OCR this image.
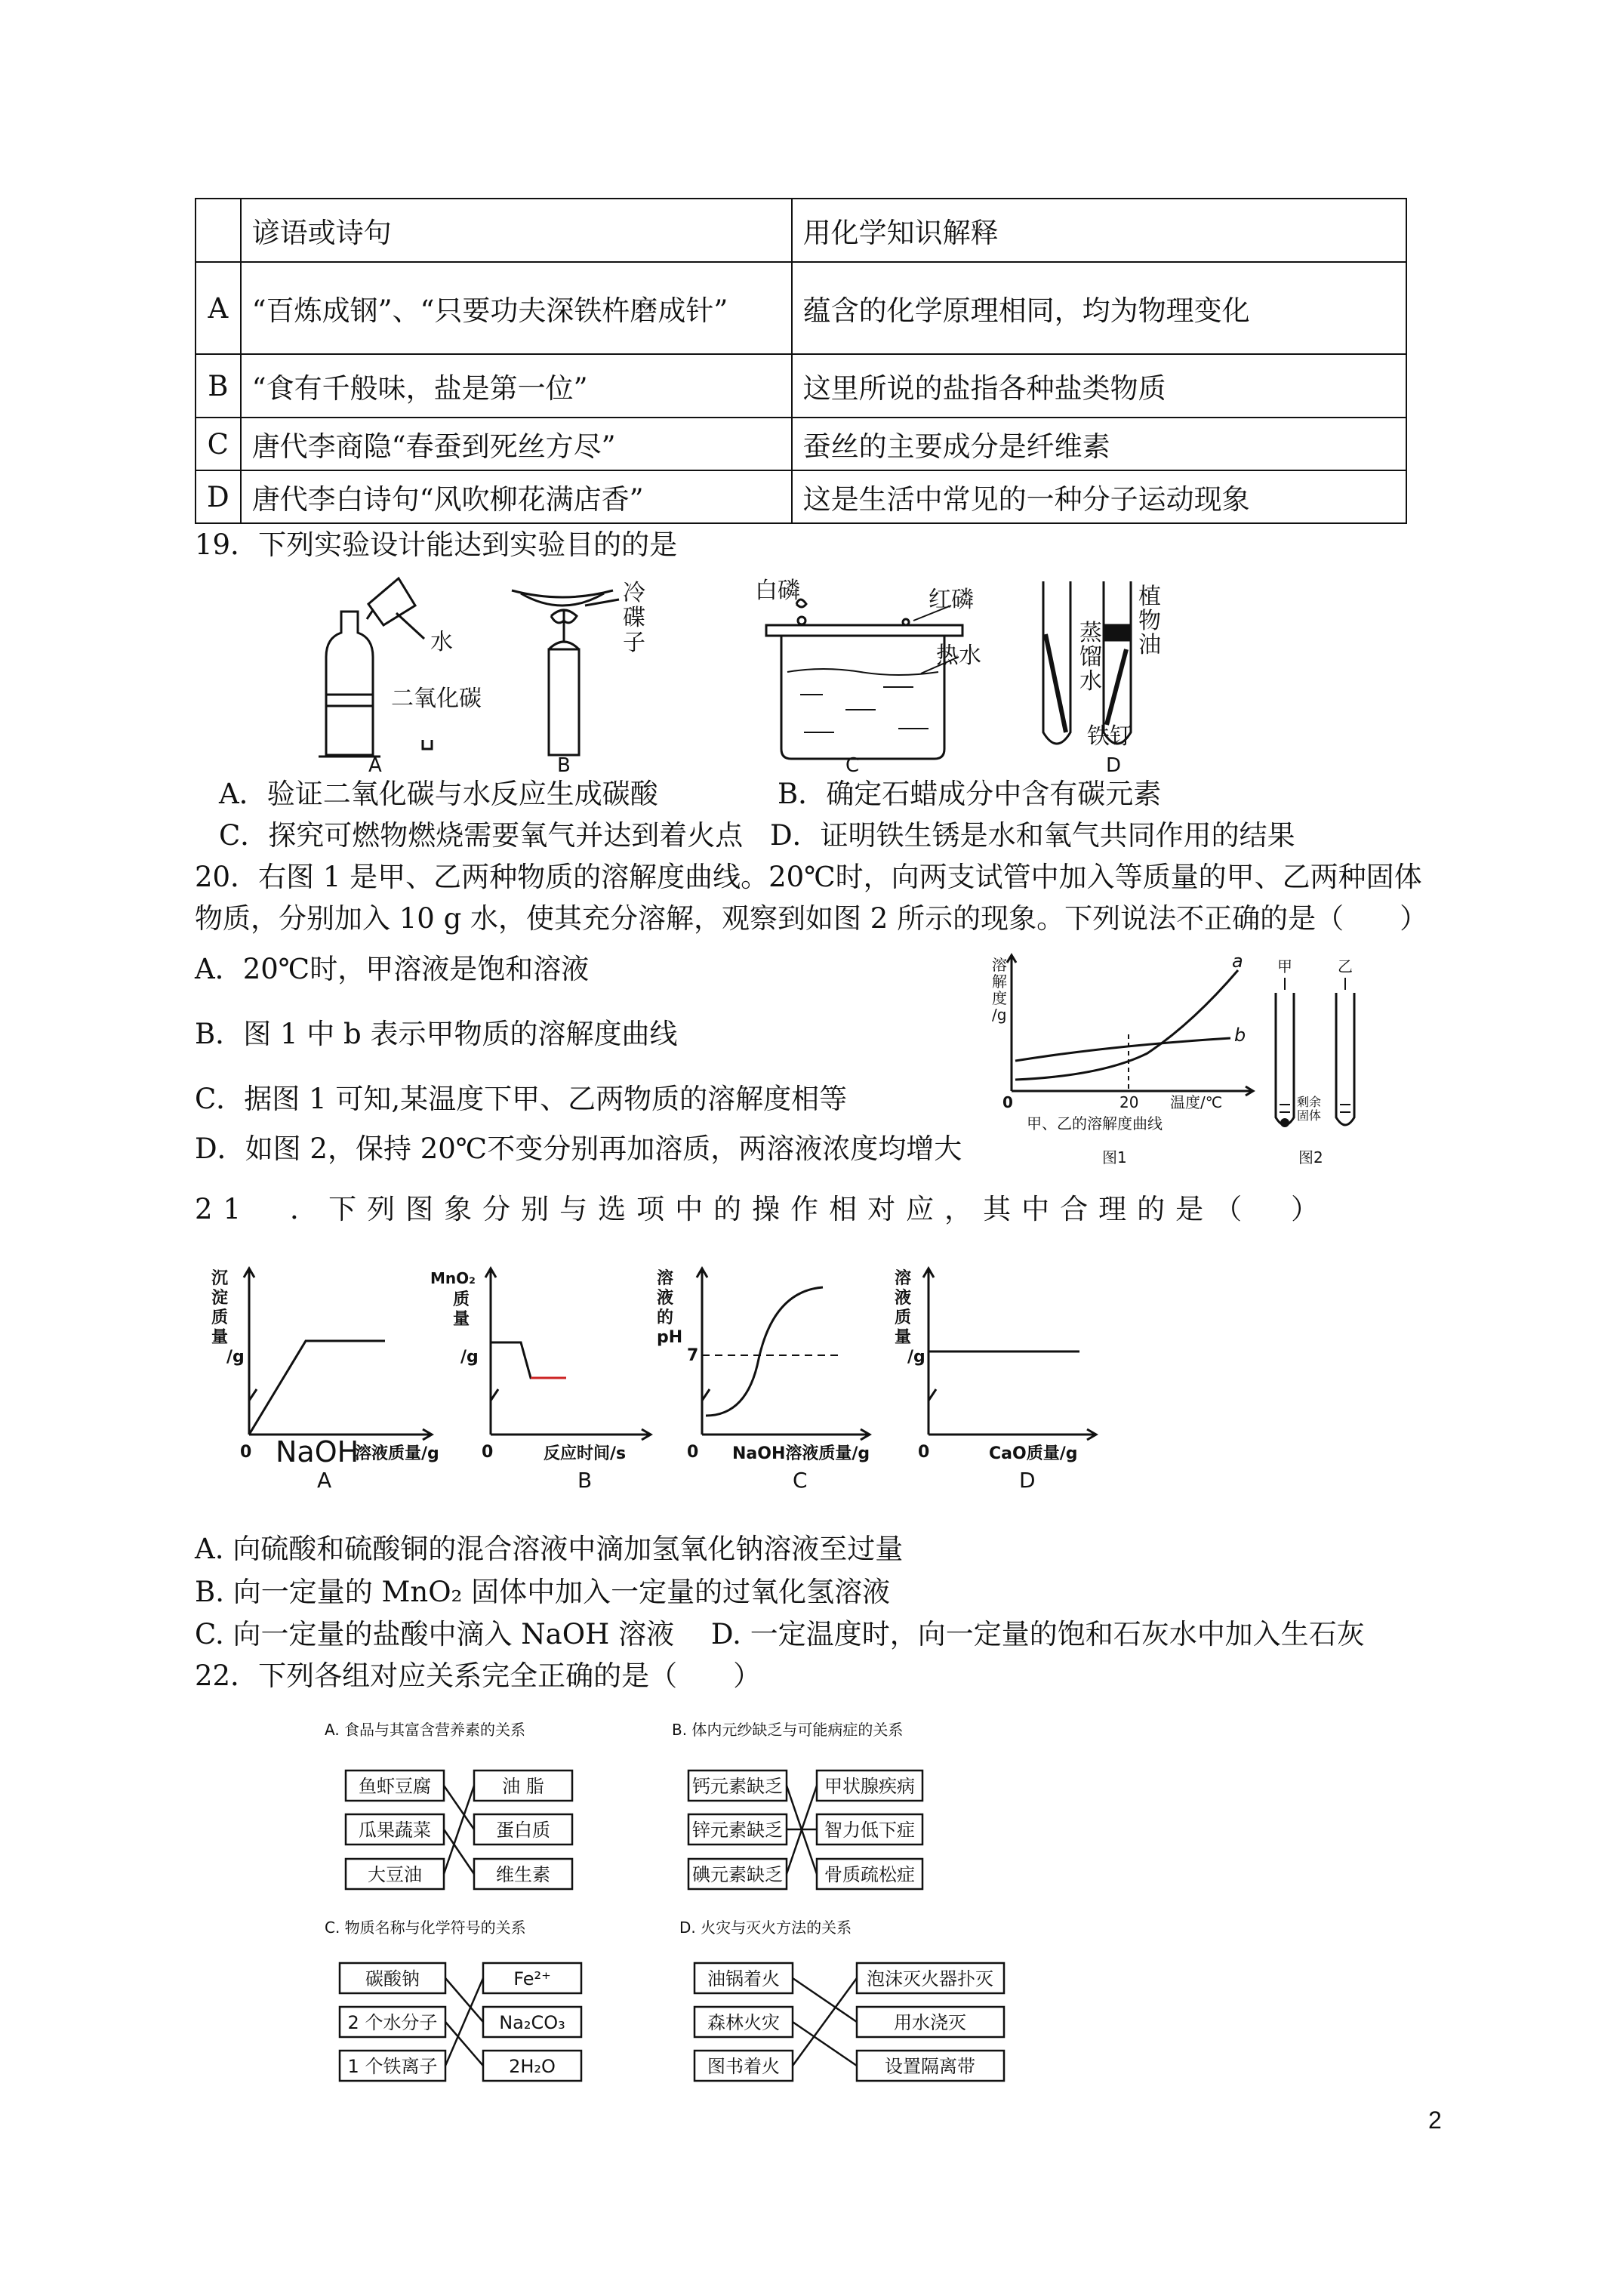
	谚语或诗句	用化学知识解释
A	“百炼成钢”、“只要功夫深铁杵磨成针”	蕴含的化学原理相同，均为物理变化
B	“食有千般味，盐是第一位”	这里所说的盐指各种盐类物质
C	唐代李商隐“春蚕到死丝方尽”	蚕丝的主要成分是纤维素
D	唐代李白诗句“风吹柳花满店香”	这是生活中常见的一种分子运动现象
19．下列实验设计能达到实验目的的是
水
二氧化碳
A
冷
碟
子
B
白磷	红磷
热水
C
蒸
馏
水
铁钉
植
物
油
D
A．验证二氧化碳与水反应生成碳酸	B．确定石蜡成分中含有碳元素
C．探究可燃物燃烧需要氧气并达到着火点 D．证明铁生锈是水和氧气共同作用的结果
20．右图 1 是甲、乙两种物质的溶解度曲线。20℃时，向两支试管中加入等质量的甲、乙两种固体
物质，分别加入 10 g 水，使其充分溶解，观察到如图 2 所示的现象。下列说法不正确的是（　　）
A．20℃时，甲溶液是饱和溶液
B．图 1 中 b 表示甲物质的溶解度曲线
C．据图 1 可知,某温度下甲、乙两物质的溶解度相等
D．如图 2，保持 20℃不变分别再加溶质，两溶液浓度均增大
溶
解
度
/g
a
b
0	20 温度/℃
甲、乙的溶解度曲线
图1
甲	乙
剩余
固体
图2
21　．下列图象分别与选项中的操作相对应，其中合理的是（　）
沉
淀
质
量
/g
0 NaOH
溶液质量/g
A
MnO₂
质
量
/g
0	反应时间/s
B
溶
液
的
pH
7
0 NaOH溶液质量/g
C
溶
液
质
量
/g
0	CaO质量/g
D
A. 向硫酸和硫酸铜的混合溶液中滴加氢氧化钠溶液至过量
B. 向一定量的 MnO₂ 固体中加入一定量的过氧化氢溶液
C. 向一定量的盐酸中滴入 NaOH 溶液　 D. 一定温度时，向一定量的饱和石灰水中加入生石灰
22．下列各组对应关系完全正确的是（　　）
A. 食品与其富含营养素的关系	B. 体内元纱缺乏与可能病症的关系
C. 物质名称与化学符号的关系	D. 火灾与灭火方法的关系
鱼虾豆腐
瓜果蔬菜
大豆油
油 脂
蛋白质
维生素
钙元素缺乏
锌元素缺乏
碘元素缺乏
甲状腺疾病
智力低下症
骨质疏松症
碳酸钠
2 个水分子
1 个铁离子
Fe²⁺
Na₂CO₃
2H₂O
油锅着火
森林火灾
图书着火
泡沫灭火器扑灭
用水浇灭
设置隔离带
2
